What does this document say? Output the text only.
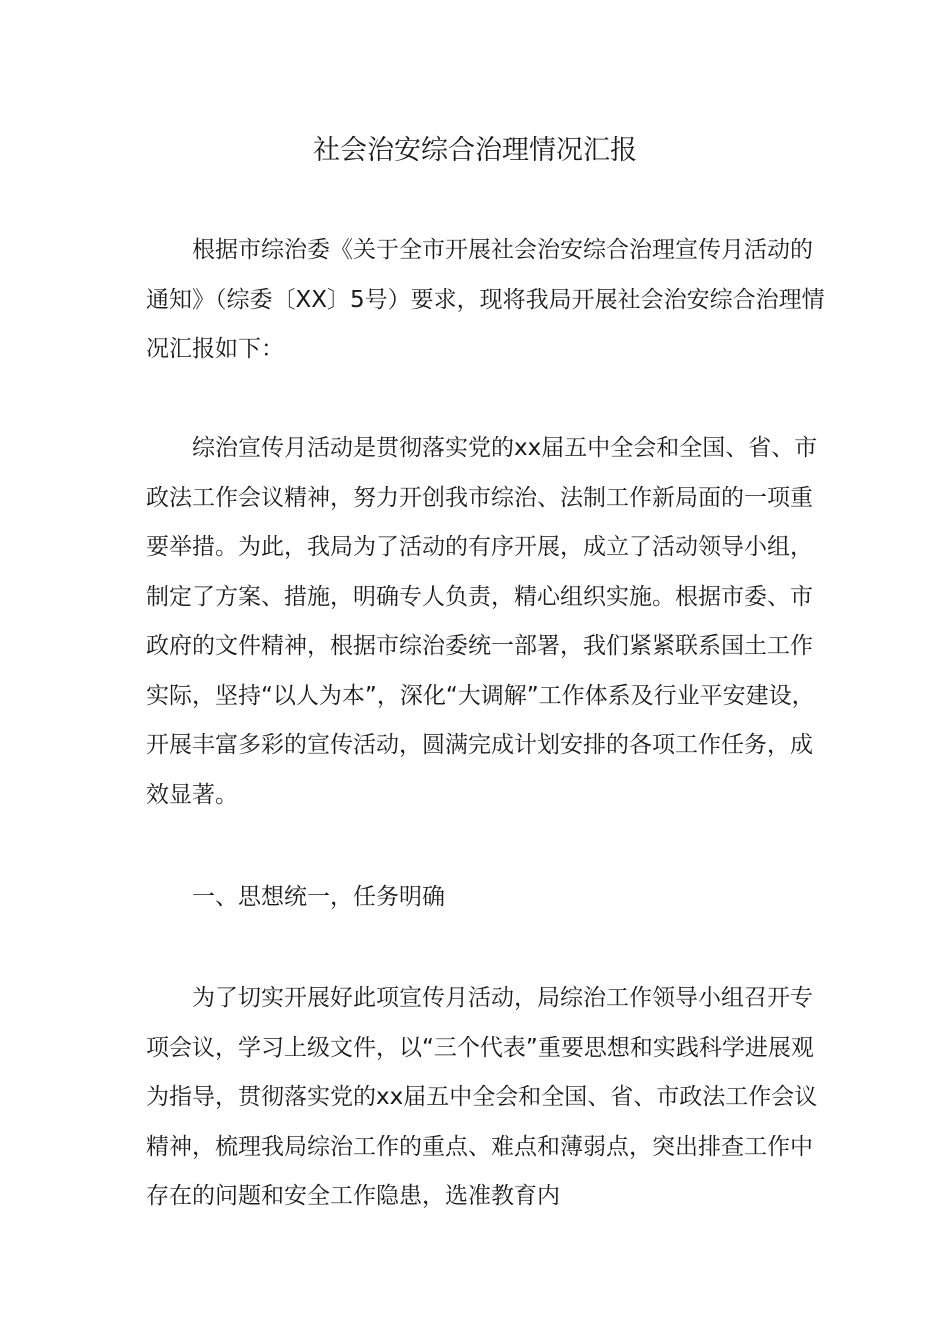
社会治安综合治理情况汇报

根据市综治委《关于全市开展社会治安综合治理宣传月活动的通知》（综委〔XX〕5号）要求，现将我局开展社会治安综合治理情况汇报如下：

综治宣传月活动是贯彻落实党的xx届五中全会和全国、省、市政法工作会议精神，努力开创我市综治、法制工作新局面的一项重要举措。为此，我局为了活动的有序开展，成立了活动领导小组，制定了方案、措施，明确专人负责，精心组织实施。根据市委、市政府的文件精神，根据市综治委统一部署，我们紧紧联系国土工作实际，坚持“以人为本”，深化“大调解”工作体系及行业平安建设，开展丰富多彩的宣传活动，圆满完成计划安排的各项工作任务，成效显著。

一、思想统一，任务明确

为了切实开展好此项宣传月活动，局综治工作领导小组召开专项会议，学习上级文件，以“三个代表”重要思想和实践科学进展观为指导，贯彻落实党的xx届五中全会和全国、省、市政法工作会议精神，梳理我局综治工作的重点、难点和薄弱点，突出排查工作中存在的问题和安全工作隐患，选准教育内
